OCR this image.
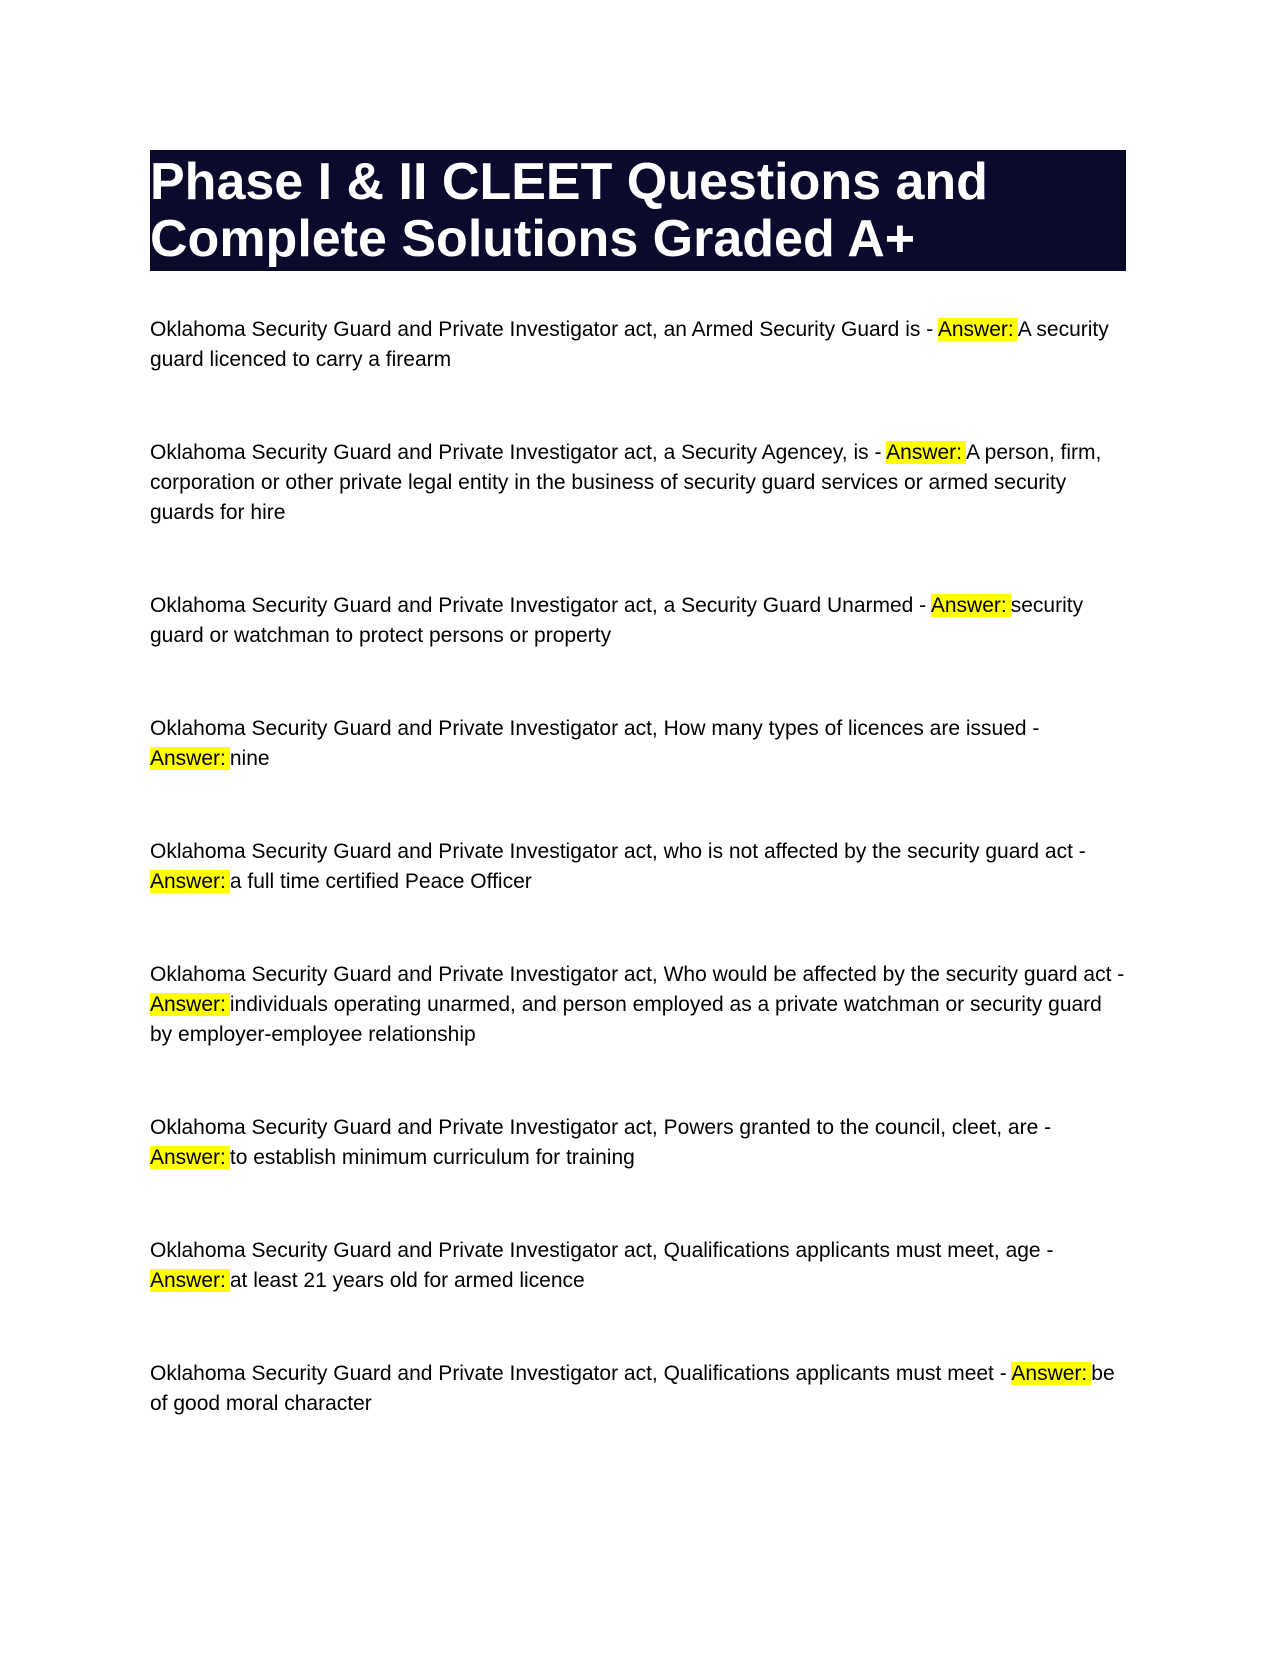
Phase I & II CLEET Questions and
Complete Solutions Graded A+

Oklahoma Security Guard and Private Investigator act, an Armed Security Guard is - Answer: A security guard licenced to carry a firearm

Oklahoma Security Guard and Private Investigator act, a Security Agencey, is - Answer: A person, firm, corporation or other private legal entity in the business of security guard services or armed security guards for hire

Oklahoma Security Guard and Private Investigator act, a Security Guard Unarmed - Answer: security guard or watchman to protect persons or property

Oklahoma Security Guard and Private Investigator act, How many types of licences are issued - Answer: nine

Oklahoma Security Guard and Private Investigator act, who is not affected by the security guard act - Answer: a full time certified Peace Officer

Oklahoma Security Guard and Private Investigator act, Who would be affected by the security guard act - Answer: individuals operating unarmed, and person employed as a private watchman or security guard by employer-employee relationship

Oklahoma Security Guard and Private Investigator act, Powers granted to the council, cleet, are - Answer: to establish minimum curriculum for training

Oklahoma Security Guard and Private Investigator act, Qualifications applicants must meet, age - Answer: at least 21 years old for armed licence

Oklahoma Security Guard and Private Investigator act, Qualifications applicants must meet - Answer: be of good moral character
